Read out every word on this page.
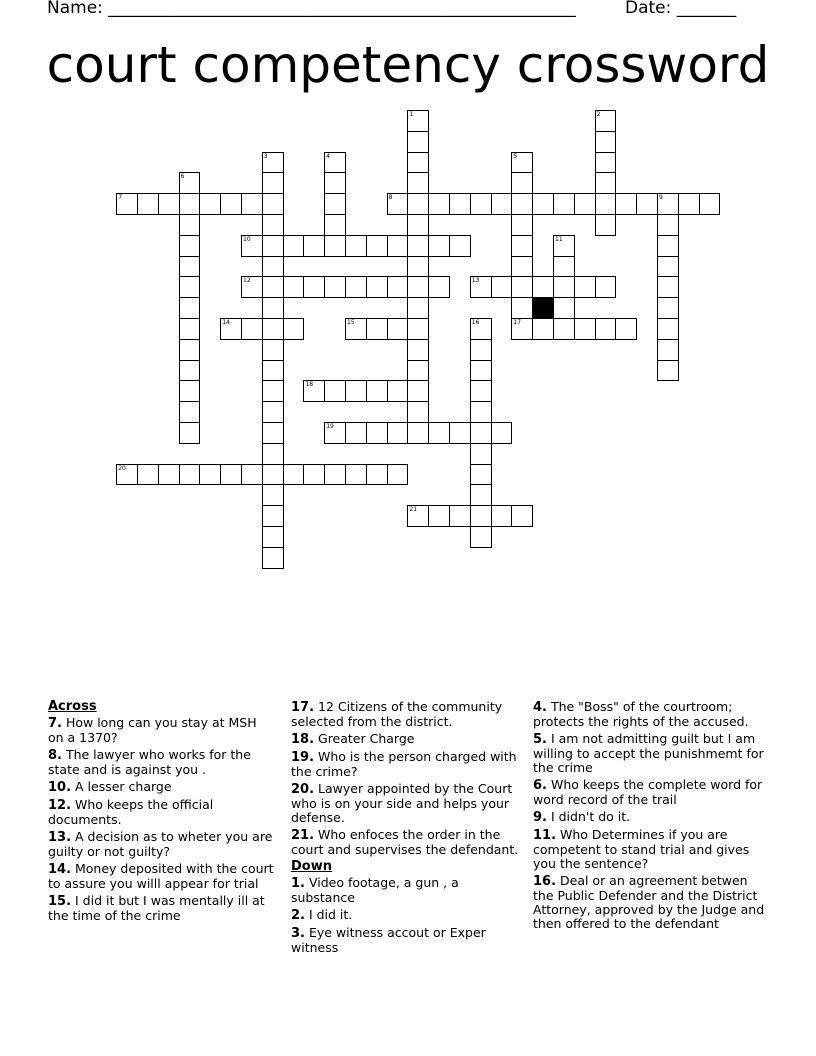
Name: _______________________________________________________	Date: _______
court competency crossword
1	2
3	4	5
17
6
7	8	9
10	11
12	13
14	15	16
18
19
20
21
Across
7. How long can you stay at MSH on a 1370?
8. The lawyer who works for the state and is against you .
10. A lesser charge
12. Who keeps the official documents.
13. A decision as to wheter you are guilty or not guilty?
14. Money deposited with the court to assure you willl appear for trial
15. I did it but I was mentally ill at the time of the crime
17. 12 Citizens of the community selected from the district.
18. Greater Charge
19. Who is the person charged with the crime?
20. Lawyer appointed by the Court who is on your side and helps your defense.
21. Who enfoces the order in the court and supervises the defendant.
Down
1. Video footage, a gun , a substance
2. I did it.
3. Eye witness accout or Exper witness
4. The "Boss" of the courtroom; protects the rights of the accused.
5. I am not admitting guilt but I am willing to accept the punishmemt for the crime
6. Who keeps the complete word for word record of the trail
9. I didn't do it.
11. Who Determines if you are competent to stand trial and gives you the sentence?
16. Deal or an agreement betwen the Public Defender and the District Attorney, approved by the Judge and then offered to the defendant
